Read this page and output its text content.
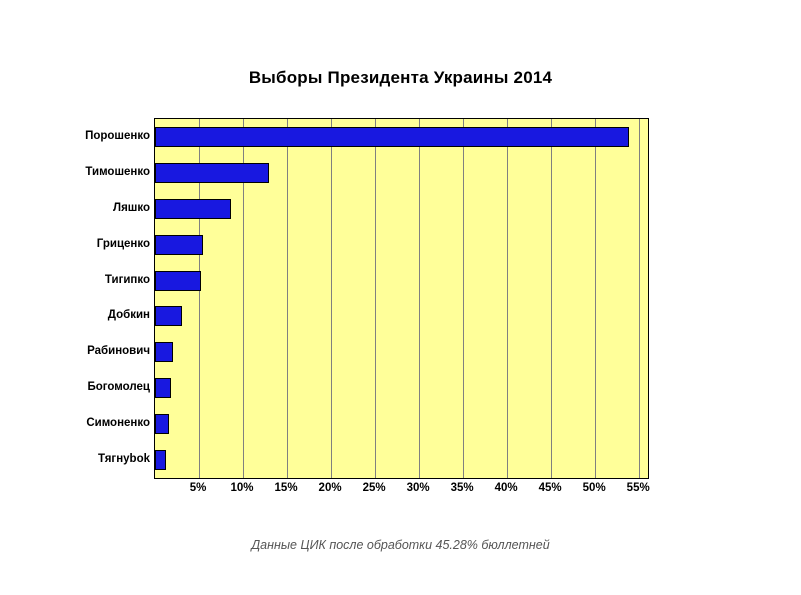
Выборы Президента Украины 2014
Порошенко
Тимошенко
Ляшко
Гриценко
Тигипко
Добкин
Рабинович
Богомолец
Симоненко
Тягнybok
5% 10% 15% 20% 25% 30% 35% 40% 45% 50% 55%
Данные ЦИК после обработки 45.28% бюллетней
